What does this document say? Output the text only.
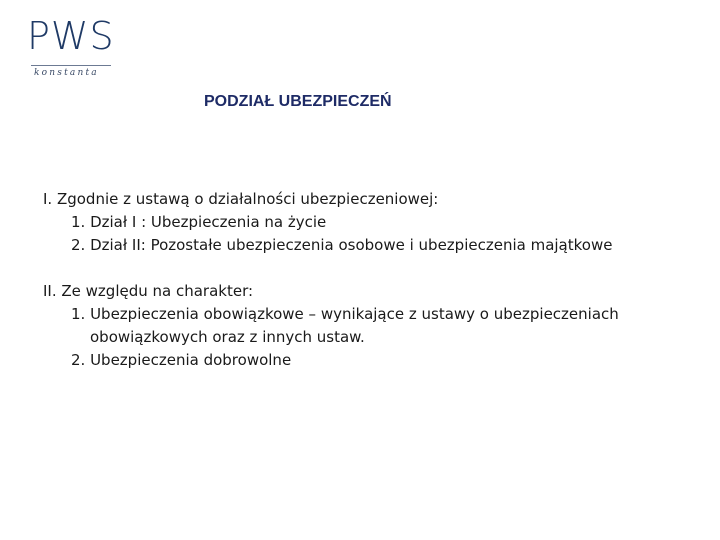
PWS
konstanta
PODZIAŁ UBEZPIECZEŃ
I. Zgodnie z ustawą o działalności ubezpieczeniowej:
1. Dział I : Ubezpieczenia na życie
2. Dział II: Pozostałe ubezpieczenia osobowe i ubezpieczenia majątkowe
II. Ze względu na charakter:
1. Ubezpieczenia obowiązkowe – wynikające z ustawy o ubezpieczeniach
obowiązkowych oraz z innych ustaw.
2. Ubezpieczenia dobrowolne
